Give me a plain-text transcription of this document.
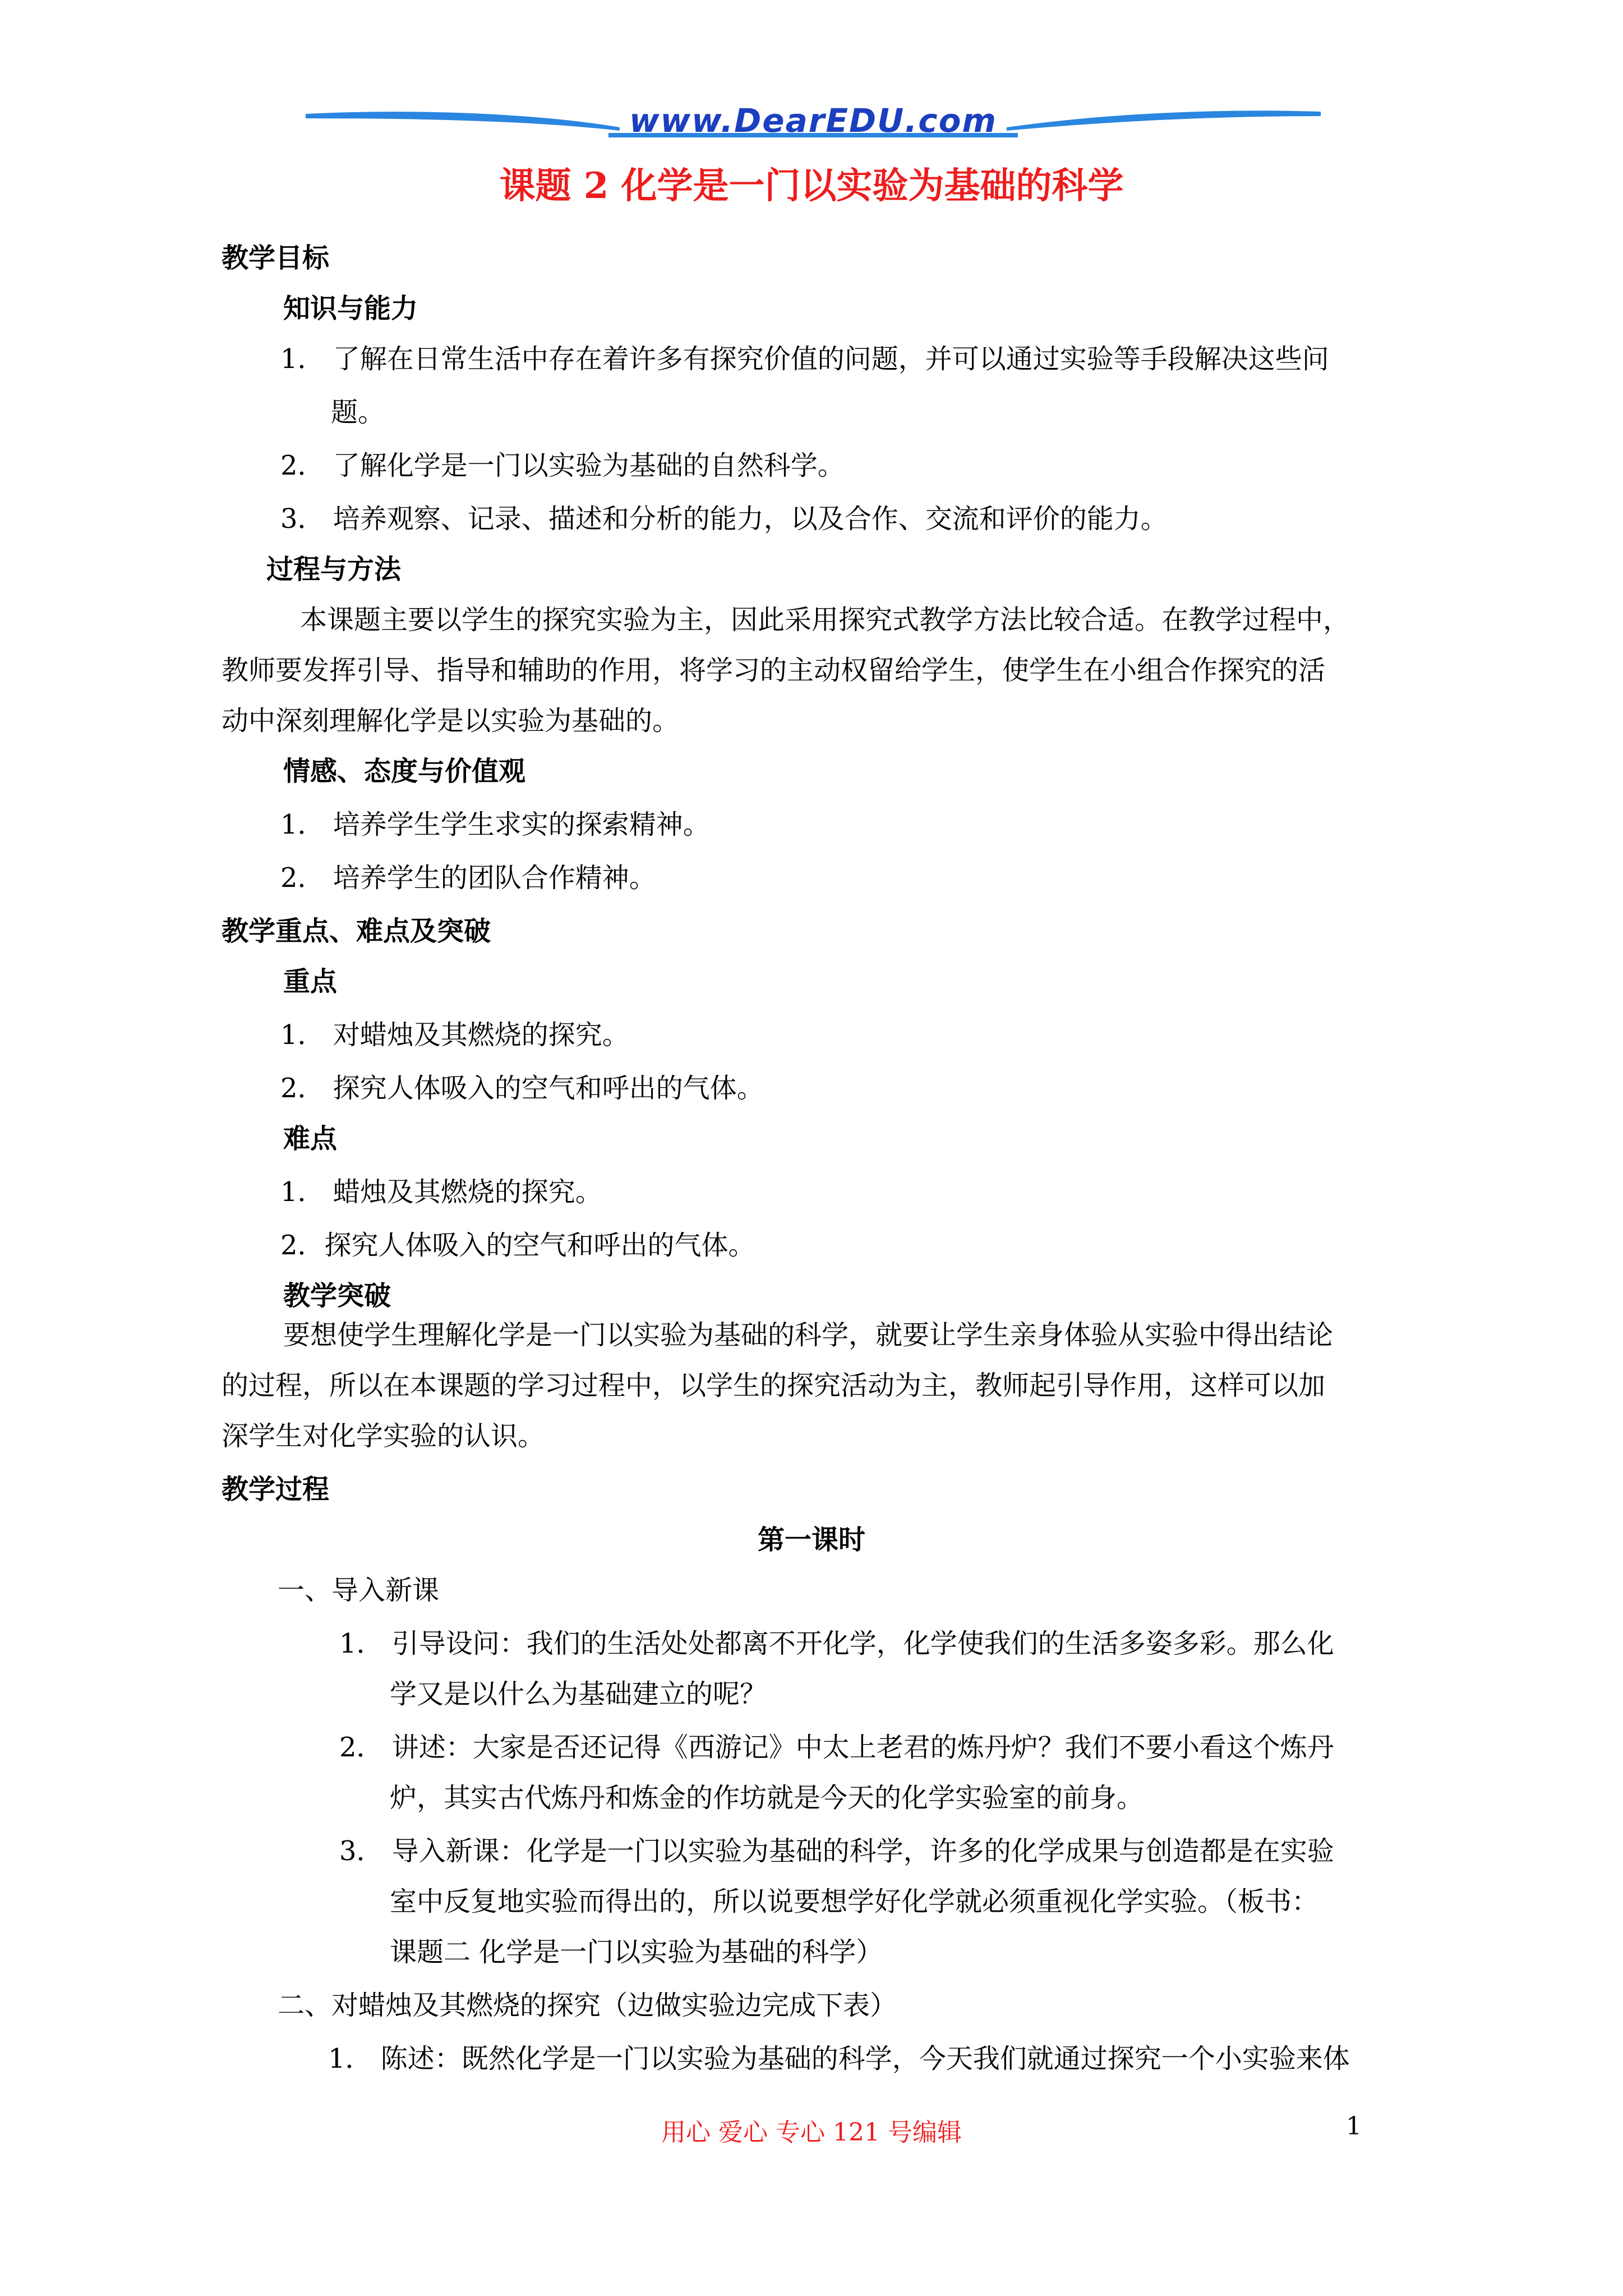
www.DearEDU.com
课题 2 化学是一门以实验为基础的科学
教学目标
知识与能力
1． 了解在日常生活中存在着许多有探究价值的问题，并可以通过实验等手段解决这些问
题。
2． 了解化学是一门以实验为基础的自然科学。
3． 培养观察、记录、描述和分析的能力，以及合作、交流和评价的能力。
过程与方法
本课题主要以学生的探究实验为主，因此采用探究式教学方法比较合适。在教学过程中，
教师要发挥引导、指导和辅助的作用，将学习的主动权留给学生，使学生在小组合作探究的活
动中深刻理解化学是以实验为基础的。
情感、态度与价值观
1． 培养学生学生求实的探索精神。
2． 培养学生的团队合作精神。
教学重点、难点及突破
重点
1． 对蜡烛及其燃烧的探究。
2． 探究人体吸入的空气和呼出的气体。
难点
1． 蜡烛及其燃烧的探究。
2．探究人体吸入的空气和呼出的气体。
教学突破
要想使学生理解化学是一门以实验为基础的科学，就要让学生亲身体验从实验中得出结论
的过程，所以在本课题的学习过程中，以学生的探究活动为主，教师起引导作用，这样可以加
深学生对化学实验的认识。
教学过程
一、导入新课
1． 引导设问：我们的生活处处都离不开化学，化学使我们的生活多姿多彩。那么化
学又是以什么为基础建立的呢？
2． 讲述：大家是否还记得《西游记》中太上老君的炼丹炉？我们不要小看这个炼丹
炉，其实古代炼丹和炼金的作坊就是今天的化学实验室的前身。
3． 导入新课：化学是一门以实验为基础的科学，许多的化学成果与创造都是在实验
室中反复地实验而得出的，所以说要想学好化学就必须重视化学实验。（板书：
课题二 化学是一门以实验为基础的科学）
二、对蜡烛及其燃烧的探究（边做实验边完成下表）
1． 陈述：既然化学是一门以实验为基础的科学，今天我们就通过探究一个小实验来体
第一课时
用心 爱心 专心 121 号编辑	1
